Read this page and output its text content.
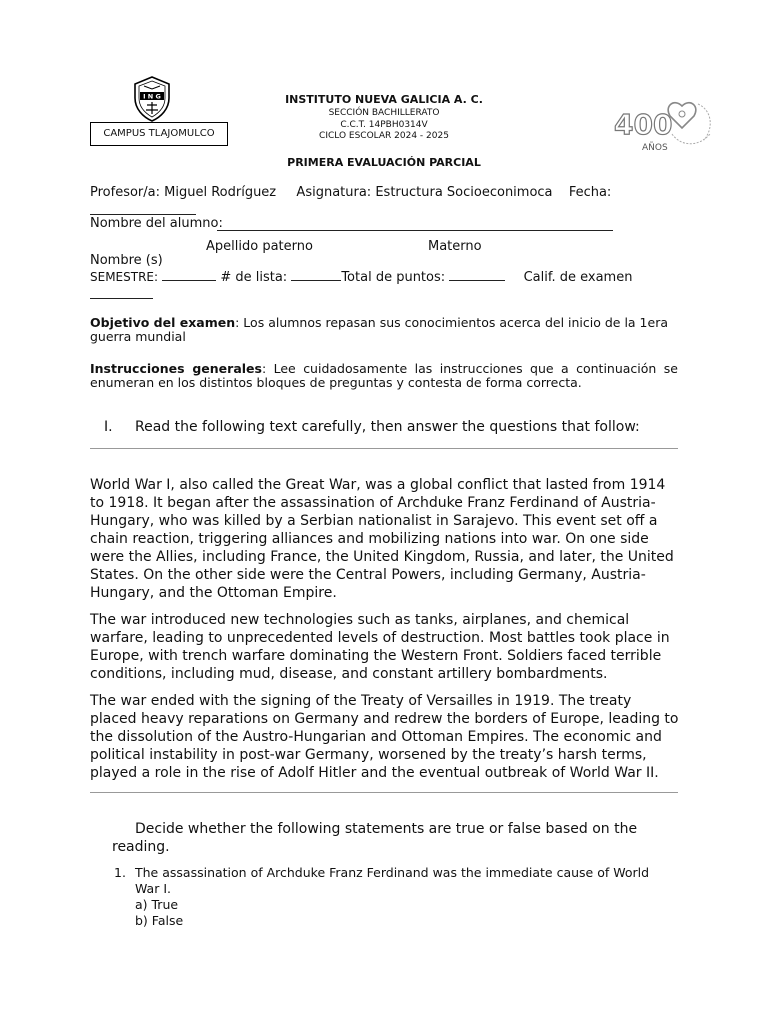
I N G
CAMPUS TLAJOMULCO
INSTITUTO NUEVA GALICIA A. C.
SECCIÓN BACHILLERATO
C.C.T. 14PBH0314V
CICLO ESCOLAR 2024 - 2025	400
AÑOS
PRIMERA EVALUACIÓN PARCIAL
Profesor/a: Miguel Rodríguez Asignatura: Estructura Socioeconimoca Fecha:
Nombre del alumno:
Apellido paterno	Materno
Nombre (s)
SEMESTRE:	# de lista:	Total de puntos:	Calif. de examen
Objetivo del examen: Los alumnos repasan sus conocimientos acerca del inicio de la 1era guerra mundial
Instrucciones generales: Lee cuidadosamente las instrucciones que a continuación se enumeran en los distintos bloques de preguntas y contesta de forma correcta.
I. Read the following text carefully, then answer the questions that follow:

World War I, also called the Great War, was a global conflict that lasted from 1914 to 1918. It began after the assassination of Archduke Franz Ferdinand of Austria-Hungary, who was killed by a Serbian nationalist in Sarajevo. This event set off a chain reaction, triggering alliances and mobilizing nations into war. On one side were the Allies, including France, the United Kingdom, Russia, and later, the United States. On the other side were the Central Powers, including Germany, Austria-Hungary, and the Ottoman Empire.

The war introduced new technologies such as tanks, airplanes, and chemical warfare, leading to unprecedented levels of destruction. Most battles took place in Europe, with trench warfare dominating the Western Front. Soldiers faced terrible conditions, including mud, disease, and constant artillery bombardments.

The war ended with the signing of the Treaty of Versailles in 1919. The treaty placed heavy reparations on Germany and redrew the borders of Europe, leading to the dissolution of the Austro-Hungarian and Ottoman Empires. The economic and political instability in post-war Germany, worsened by the treaty’s harsh terms, played a role in the rise of Adolf Hitler and the eventual outbreak of World War II.

Decide whether the following statements are true or false based on the reading.
1. The assassination of Archduke Franz Ferdinand was the immediate cause of World War I.
a) True
b) False
